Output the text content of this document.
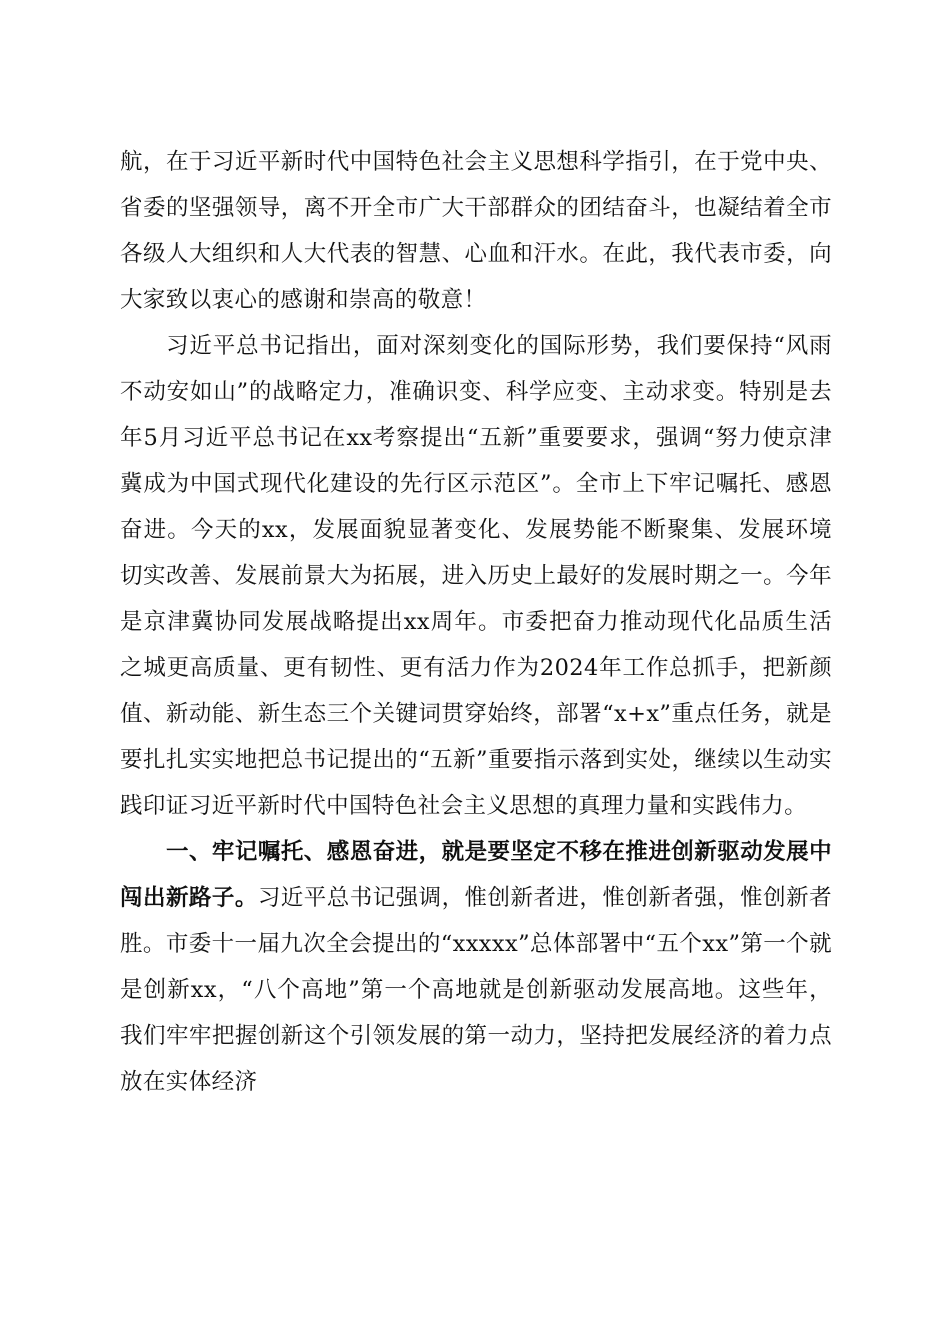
航，在于习近平新时代中国特色社会主义思想科学指引，在于党中央、省委的坚强领导，离不开全市广大干部群众的团结奋斗，也凝结着全市各级人大组织和人大代表的智慧、心血和汗水。在此，我代表市委，向大家致以衷心的感谢和崇高的敬意！

习近平总书记指出，面对深刻变化的国际形势，我们要保持“风雨不动安如山”的战略定力，准确识变、科学应变、主动求变。特别是去年5月习近平总书记在xx考察提出“五新”重要要求，强调“努力使京津冀成为中国式现代化建设的先行区示范区”。全市上下牢记嘱托、感恩奋进。今天的xx，发展面貌显著变化、发展势能不断聚集、发展环境切实改善、发展前景大为拓展，进入历史上最好的发展时期之一。今年是京津冀协同发展战略提出xx周年。市委把奋力推动现代化品质生活之城更高质量、更有韧性、更有活力作为2024年工作总抓手，把新颜值、新动能、新生态三个关键词贯穿始终，部署“x+x”重点任务，就是要扎扎实实地把总书记提出的“五新”重要指示落到实处，继续以生动实践印证习近平新时代中国特色社会主义思想的真理力量和实践伟力。

一、牢记嘱托、感恩奋进，就是要坚定不移在推进创新驱动发展中闯出新路子。习近平总书记强调，惟创新者进，惟创新者强，惟创新者胜。市委十一届九次全会提出的“xxxxx”总体部署中“五个xx”第一个就是创新xx，“八个高地”第一个高地就是创新驱动发展高地。这些年，我们牢牢把握创新这个引领发展的第一动力，坚持把发展经济的着力点放在实体经济
